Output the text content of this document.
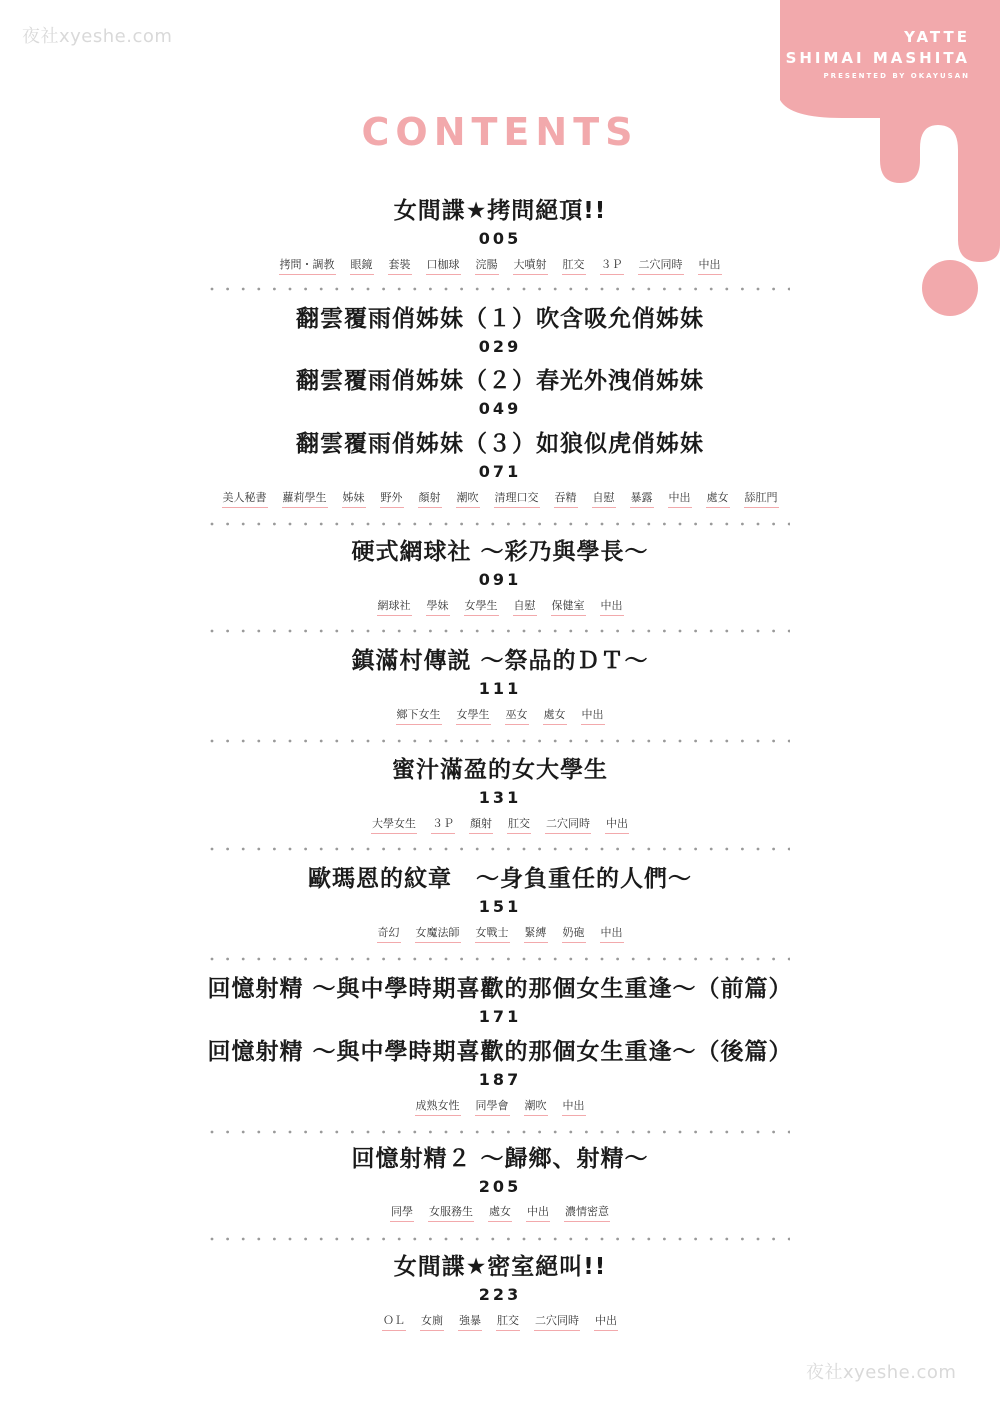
夜社xyeshe.com	YATTE
SHIMAI MASHITA
PRESENTED BY OKAYUSAN
CONTENTS
女間諜★拷問絕頂!!
005
拷問・調教 眼鏡 套裝 口枷球 浣腸 大噴射 肛交 ３Ｐ 二穴同時 中出
翻雲覆雨俏姊妹（１）吹含吸允俏姊妹
029
翻雲覆雨俏姊妹（２）春光外洩俏姊妹
049
翻雲覆雨俏姊妹（３）如狼似虎俏姊妹
071
美人秘書 蘿莉學生 姊妹 野外 顏射 潮吹 清理口交 吞精 自慰 暴露 中出 處女 舔肛門
硬式網球社 ～彩乃與學長～
091
網球社 學妹 女學生 自慰 保健室 中出
鎮滿村傳説 ～祭品的ＤＴ～
111
鄉下女生 女學生 巫女 處女 中出
蜜汁滿盈的女大學生
131
大學女生 ３Ｐ 顏射 肛交 二穴同時 中出
歐瑪恩的紋章　～身負重任的人們～
151
奇幻 女魔法師 女戰士 緊縛 奶砲 中出
回憶射精 ～與中學時期喜歡的那個女生重逢～（前篇）
171
回憶射精 ～與中學時期喜歡的那個女生重逢～（後篇）
187
成熟女性 同學會 潮吹 中出
回憶射精２ ～歸鄉、射精～
205
同學 女服務生 處女 中出 濃情密意
女間諜★密室絕叫!!
223
ＯＬ 女廁 強暴 肛交 二穴同時 中出
夜社xyeshe.com
